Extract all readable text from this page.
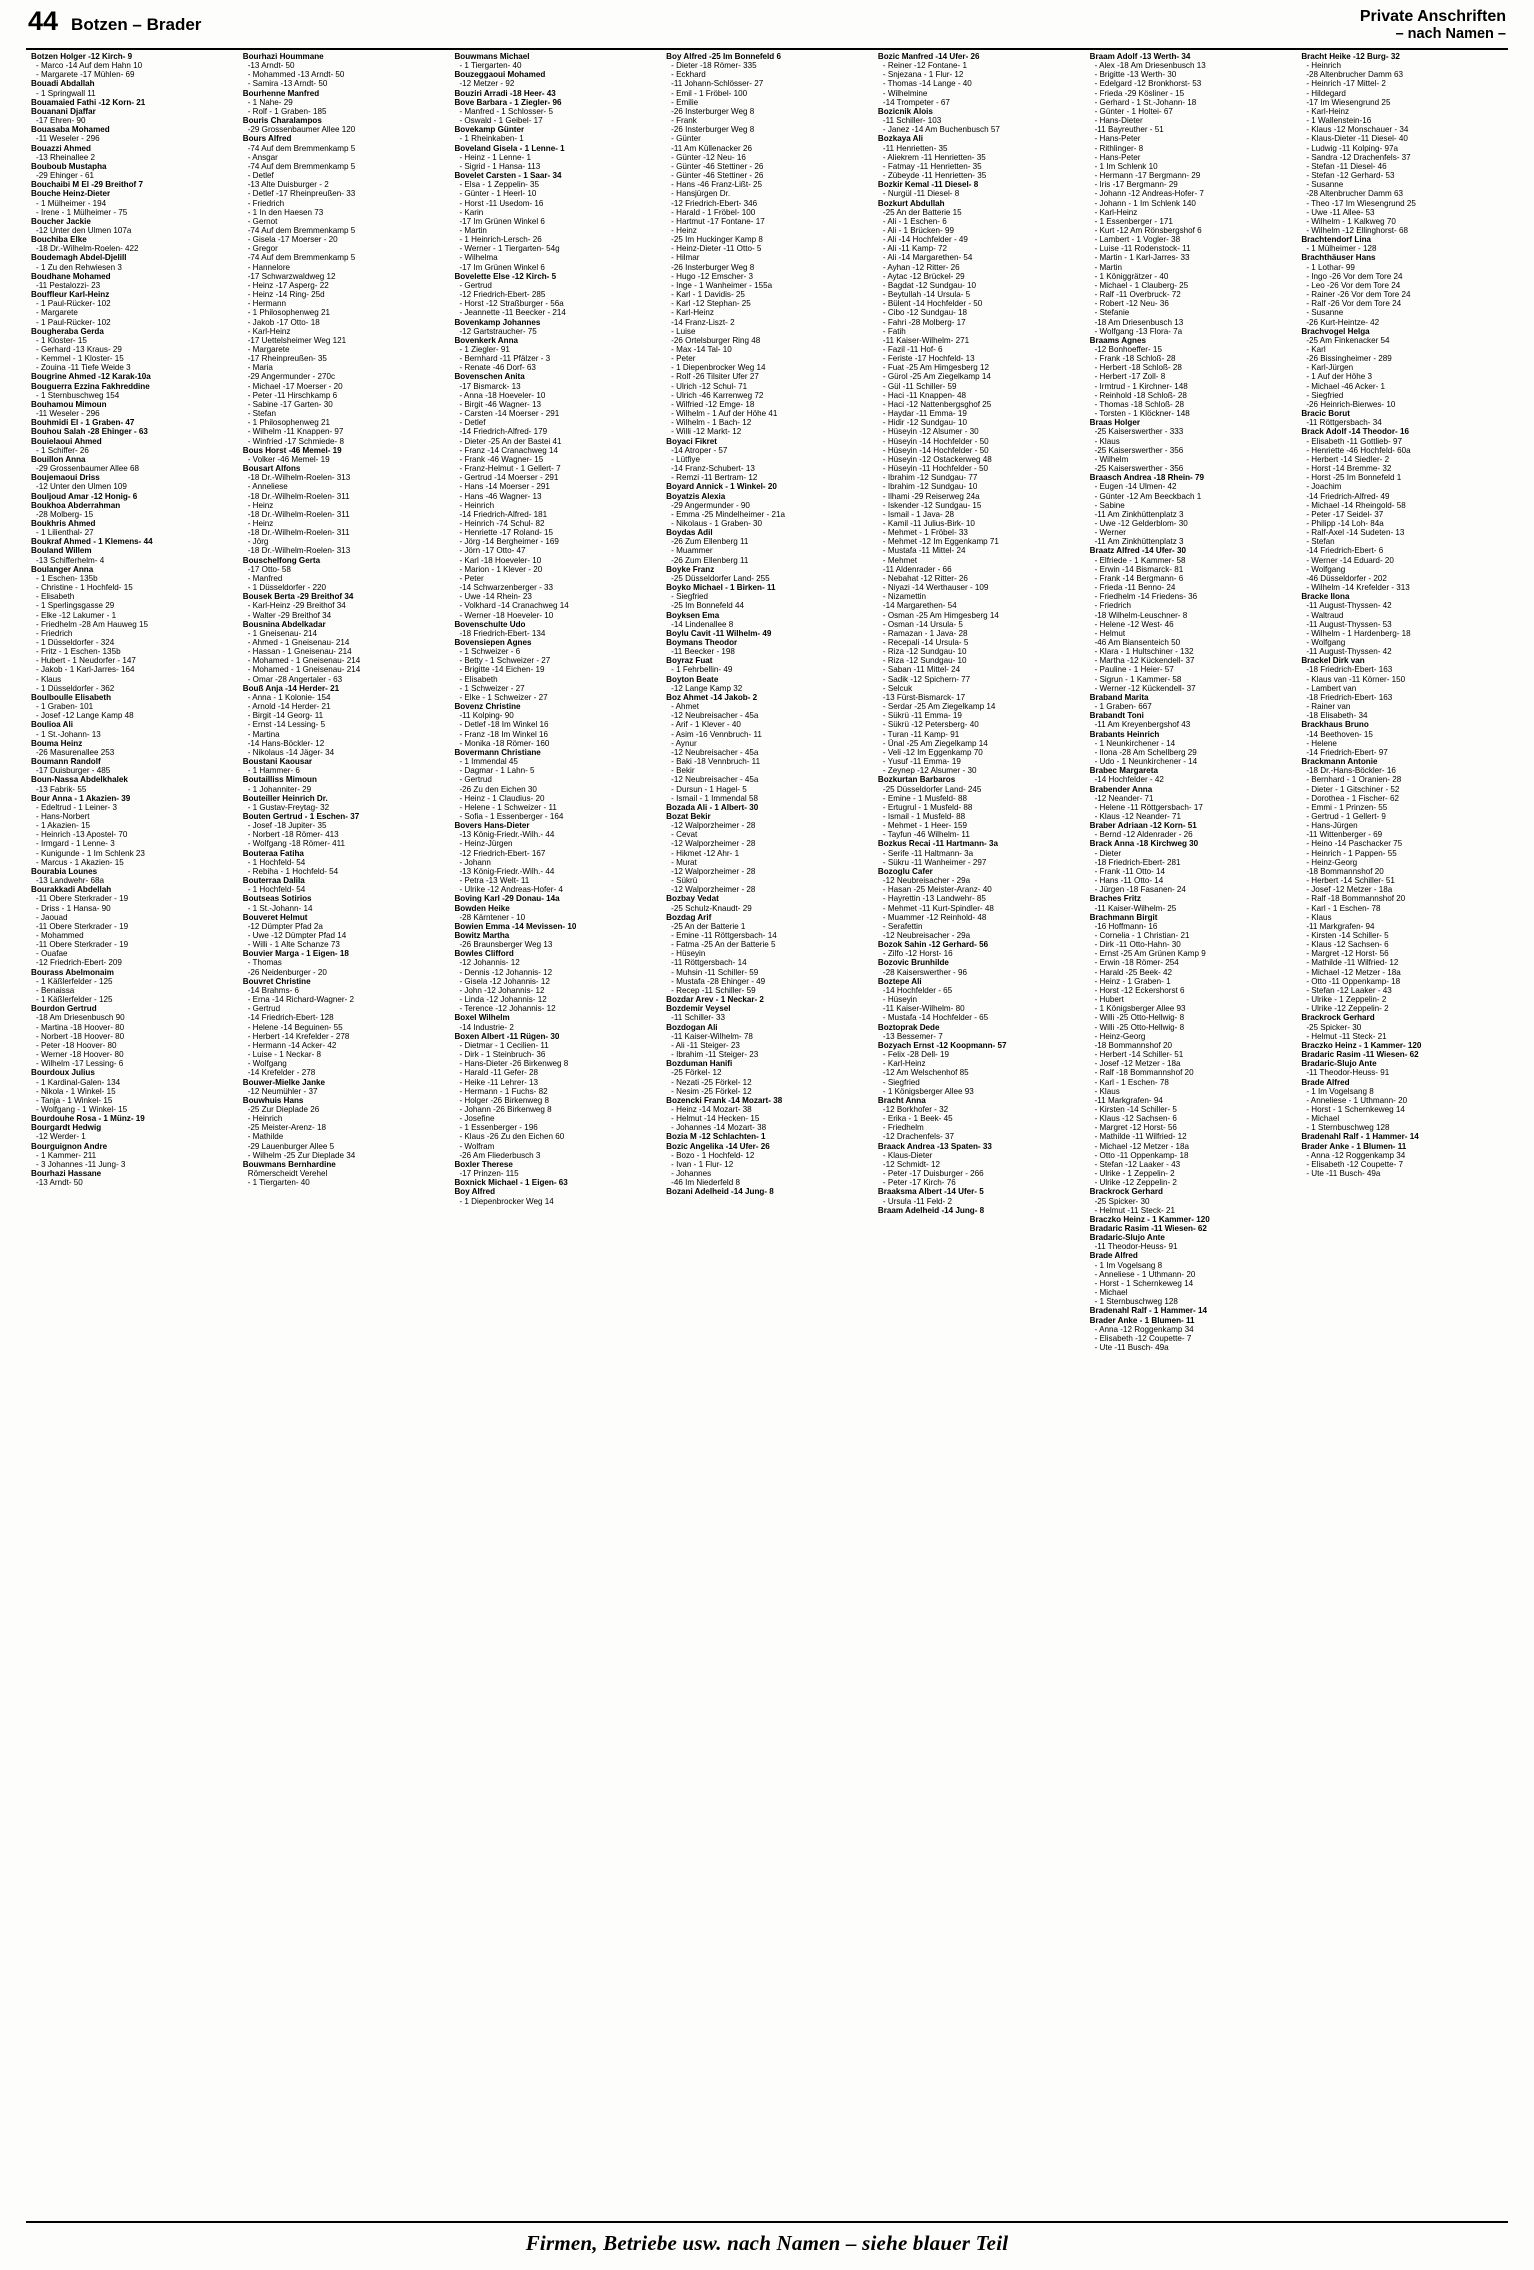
44 Botzen – Brader	Private Anschriften
– nach Namen –
Botzen Holger -12 Kirch- 9
- Marco -14 Auf dem Hahn 10
- Margarete -17 Mühlen- 69
Bouadi Abdallah
- 1 Springwall 11
Bouamaied Fathi -12 Korn- 21
Bouanani Djaffar
-17 Ehren- 90
Bouasaba Mohamed
-11 Weseler - 296
Bouazzi Ahmed
-13 Rheinallee 2
Bouboub Mustapha
-29 Ehinger - 61
Bouchaibi M El -29 Breithof 7
Bouche Heinz-Dieter
- 1 Mülheimer - 194
- Irene - 1 Mülheimer - 75
Boucher Jackie
-12 Unter den Ulmen 107a
Bouchiba Elke
-18 Dr.-Wilhelm-Roelen- 422
Boudemagh Abdel-Djelill
- 1 Zu den Rehwiesen 3
Boudhane Mohamed
-11 Pestalozzi- 23
Bouffleur Karl-Heinz
- 1 Paul-Rücker- 102
- Margarete
- 1 Paul-Rücker- 102
Bougheraba Gerda
- 1 Kloster- 15
- Gerhard -13 Kraus- 29
- Kemmel - 1 Kloster- 15
- Zouina -11 Tiefe Weide 3
Bougrine Ahmed -12 Karak-10a
Bouguerra Ezzina Fakhreddine
- 1 Sternbuschweg 154
Bouhamou Mimoun
-11 Weseler - 296
Bouhmidi El - 1 Graben- 47
Bouhou Salah -28 Ehinger - 63
Bouielaoui Ahmed
- 1 Schiffer- 26
Bouillon Anna
-29 Grossenbaumer Allee 68
Boujemaoui Driss
-12 Unter den Ulmen 109
Bouljoud Amar -12 Honig- 6
Boukhoa Abderrahman
-28 Molberg- 15
Boukhris Ahmed
- 1 Lilienthal- 27
Boukraf Ahmed - 1 Klemens- 44
Bouland Willem
-13 Schifferhelm- 4
Boulanger Anna
- 1 Eschen- 135b
- Christine - 1 Hochfeld- 15
- Elisabeth
- 1 Sperlingsgasse 29
- Elke -12 Lakumer - 1
- Friedhelm -28 Am Hauweg 15
- Friedrich
- 1 Düsseldorfer - 324
- Fritz - 1 Eschen- 135b
- Hubert - 1 Neudorfer - 147
- Jakob - 1 Karl-Jarres- 164
- Klaus
- 1 Düsseldorfer - 362
Boulboulle Elisabeth
- 1 Graben- 101
- Josef -12 Lange Kamp 48
Boulioa Ali
- 1 St.-Johann- 13
Bouma Heinz
-26 Masurenallee 253
Boumann Randolf
-17 Duisburger - 485
Boun-Nassa Abdelkhalek
-13 Fabrik- 55
Bour Anna - 1 Akazien- 39
- Edeltrud - 1 Leiner- 3
- Hans-Norbert
- 1 Akazien- 15
- Heinrich -13 Apostel- 70
- Irmgard - 1 Lenne- 3
- Kunigunde - 1 Im Schlenk 23
- Marcus - 1 Akazien- 15
Bourabia Lounes
-13 Landwehr- 68a
Bourakkadi Abdellah
-11 Obere Sterkrader - 19
- Driss - 1 Hansa- 90
- Jaouad
-11 Obere Sterkrader - 19
- Mohammed
-11 Obere Sterkrader - 19
- Ouafae
-12 Friedrich-Ebert- 209
Bourass Abelmonaim
- 1 Käßlerfelder - 125
- Benaissa
- 1 Käßlerfelder - 125
Bourdon Gertrud
-18 Am Driesenbusch 90
- Martina -18 Hoover- 80
- Norbert -18 Hoover- 80
- Peter -18 Hoover- 80
- Werner -18 Hoover- 80
- Wilhelm -17 Lessing- 6
Bourdoux Julius
- 1 Kardinal-Galen- 134
- Nikola - 1 Winkel- 15
- Tanja - 1 Winkel- 15
- Wolfgang - 1 Winkel- 15
Bourdouhe Rosa - 1 Münz- 19
Bourgardt Hedwig
-12 Werder- 1
Bourguignon Andre
- 1 Kammer- 211
- 3 Johannes -11 Jung- 3
Bourhazi Hassane
-13 Arndt- 50
Bourhazi Hoummane
-13 Arndt- 50
- Mohammed -13 Arndt- 50
- Samira -13 Arndt- 50
Bourhenne Manfred
- 1 Nahe- 29
- Rolf - 1 Graben- 185
Bouris Charalampos
-29 Grossenbaumer Allee 120
Bours Alfred
-74 Auf dem Bremmenkamp 5
- Ansgar
-74 Auf dem Bremmenkamp 5
- Detlef
-13 Alte Duisburger - 2
- Detlef -17 Rheinpreußen- 33
- Friedrich
- 1 In den Haesen 73
- Gernot
-74 Auf dem Bremmenkamp 5
- Gisela -17 Moerser - 20
- Gregor
-74 Auf dem Bremmenkamp 5
- Hannelore
-17 Schwarzwaldweg 12
- Heinz -17 Asperg- 22
- Heinz -14 Ring- 25d
- Hermann
- 1 Philosophenweg 21
- Jakob -17 Otto- 18
- Karl-Heinz
-17 Uettelsheimer Weg 121
- Margarete
-17 Rheinpreußen- 35
- Maria
-29 Angermunder - 270c
- Michael -17 Moerser - 20
- Peter -11 Hirschkamp 6
- Sabine -17 Garten- 30
- Stefan
- 1 Philosophenweg 21
- Wilhelm -11 Knappen- 97
- Winfried -17 Schmiede- 8
Bous Horst -46 Memel- 19
- Volker -46 Memel- 19
Bousart Alfons
-18 Dr.-Wilhelm-Roelen- 313
- Anneliese
-18 Dr.-Wilhelm-Roelen- 311
- Heinz
-18 Dr.-Wilhelm-Roelen- 311
- Heinz
-18 Dr.-Wilhelm-Roelen- 311
- Jörg
-18 Dr.-Wilhelm-Roelen- 313
Bouschelfong Gerta
-17 Otto- 58
- Manfred
- 1 Düsseldorfer - 220
Bousek Berta -29 Breithof 34
- Karl-Heinz -29 Breithof 34
- Walter -29 Breithof 34
Bousnina Abdelkadar
- 1 Gneisenau- 214
- Ahmed - 1 Gneisenau- 214
- Hassan - 1 Gneisenau- 214
- Mohamed - 1 Gneisenau- 214
- Mohamed - 1 Gneisenau- 214
- Omar -28 Angertaler - 63
Bouß Anja -14 Herder- 21
- Anna - 1 Kolonie- 154
- Arnold -14 Herder- 21
- Birgit -14 Georg- 11
- Ernst -14 Lessing- 5
- Martina
-14 Hans-Böckler- 12
- Nikolaus -14 Jäger- 34
Boustani Kaousar
- 1 Hammer- 6
Boutailliss Mimoun
- 1 Johanniter- 29
Bouteiller Heinrich Dr.
- 1 Gustav-Freytag- 32
Bouten Gertrud - 1 Eschen- 37
- Josef -18 Jupiter- 35
- Norbert -18 Römer- 413
- Wolfgang -18 Römer- 411
Bouteraa Fatiha
- 1 Hochfeld- 54
- Rebiha - 1 Hochfeld- 54
Bouterraa Dalila
- 1 Hochfeld- 54
Boutseas Sotirios
- 1 St.-Johann- 14
Bouveret Helmut
-12 Dümpter Pfad 2a
- Uwe -12 Dümpter Pfad 14
- Willi - 1 Alte Schanze 73
Bouvier Marga - 1 Eigen- 18
- Thomas
-26 Neidenburger - 20
Bouvret Christine
-14 Brahms- 6
- Erna -14 Richard-Wagner- 2
- Gertrud
-14 Friedrich-Ebert- 128
- Helene -14 Beguinen- 55
- Herbert -14 Krefelder - 278
- Hermann -14 Acker- 42
- Luise - 1 Neckar- 8
- Wolfgang
-14 Krefelder - 278
Bouwer-Mielke Janke
-12 Neumühler - 37
Bouwhuis Hans
-25 Zur Dieplade 26
- Heinrich
-25 Meister-Arenz- 18
- Mathilde
-29 Lauenburger Allee 5
- Wilhelm -25 Zur Dieplade 34
Bouwmans Bernhardine
Römerscheidt Verehel
- 1 Tiergarten- 40
Bouwmans Michael
- 1 Tiergarten- 40
Bouzeggaoui Mohamed
-12 Metzer - 92
Bouziri Arradi -18 Heer- 43
Bove Barbara - 1 Ziegler- 96
- Manfred - 1 Schlosser- 5
- Oswald - 1 Geibel- 17
Bovekamp Günter
- 1 Rheinkaben- 1
Boveland Gisela - 1 Lenne- 1
- Heinz - 1 Lenne- 1
- Sigrid - 1 Hansa- 113
Bovelet Carsten - 1 Saar- 34
- Elsa - 1 Zeppelin- 35
- Günter - 1 Heerl- 10
- Horst -11 Usedom- 16
- Karin
-17 Im Grünen Winkel 6
- Martin
- 1 Heinrich-Lersch- 26
- Werner - 1 Tiergarten- 54g
- Wilhelma
-17 Im Grünen Winkel 6
Bovelette Else -12 Kirch- 5
- Gertrud
-12 Friedrich-Ebert- 285
- Horst -12 Straßburger - 56a
- Jeannette -11 Beecker - 214
Bovenkamp Johannes
-12 Gartstraucher- 75
Bovenkerk Anna
- 1 Ziegler- 91
- Bernhard -11 Pfälzer - 3
- Renate -46 Dorf- 63
Bovenschen Anita
-17 Bismarck- 13
- Anna -18 Hoeveler- 10
- Birgit -46 Wagner- 13
- Carsten -14 Moerser - 291
- Detlef
-14 Friedrich-Alfred- 179
- Dieter -25 An der Bastei 41
- Franz -14 Cranachweg 14
- Frank -46 Wagner- 15
- Franz-Helmut - 1 Gellert- 7
- Gertrud -14 Moerser - 291
- Hans -14 Moerser - 291
- Hans -46 Wagner- 13
- Heinrich
-14 Friedrich-Alfred- 181
- Heinrich -74 Schul- 82
- Henriette -17 Roland- 15
- Jörg -14 Bergheimer - 169
- Jörn -17 Otto- 47
- Karl -18 Hoeveler- 10
- Marion - 1 Klever - 20
- Peter
-14 Schwarzenberger - 33
- Uwe -14 Rhein- 23
- Volkhard -14 Cranachweg 14
- Werner -18 Hoeveler- 10
Bovenschulte Udo
-18 Friedrich-Ebert- 134
Bovensiepen Agnes
- 1 Schweizer - 6
- Betty - 1 Schweizer - 27
- Brigitte -14 Eichen- 19
- Elisabeth
- 1 Schweizer - 27
- Elke - 1 Schweizer - 27
Bovenz Christine
-11 Kolping- 90
- Detlef -18 Im Winkel 16
- Franz -18 Im Winkel 16
- Monika -18 Römer- 160
Bovermann Christiane
- 1 Immendal 45
- Dagmar - 1 Lahn- 5
- Gertrud
-26 Zu den Eichen 30
- Heinz - 1 Claudius- 20
- Helene - 1 Schweizer - 11
- Sofia - 1 Essenberger - 164
Bovers Hans-Dieter
-13 König-Friedr.-Wilh.- 44
- Heinz-Jürgen
-12 Friedrich-Ebert- 167
- Johann
-13 König-Friedr.-Wilh.- 44
- Petra -13 Welt- 11
- Ulrike -12 Andreas-Hofer- 4
Boving Karl -29 Donau- 14a
Bowden Heike
-28 Kärntener - 10
Bowien Emma -14 Mevissen- 10
Bowitz Martha
-26 Braunsberger Weg 13
Bowles Clifford
-12 Johannis- 12
- Dennis -12 Johannis- 12
- Gisela -12 Johannis- 12
- John -12 Johannis- 12
- Linda -12 Johannis- 12
- Terence -12 Johannis- 12
Boxel Wilhelm
-14 Industrie- 2
Boxen Albert -11 Rügen- 30
- Dietmar - 1 Cecilien- 11
- Dirk - 1 Steinbruch- 36
- Hans-Dieter -26 Birkenweg 8
- Harald -11 Gefer- 28
- Heike -11 Lehrer- 13
- Hermann - 1 Fuchs- 82
- Holger -26 Birkenweg 8
- Johann -26 Birkenweg 8
- Josefine
- 1 Essenberger - 196
- Klaus -26 Zu den Eichen 60
- Wolfram
-26 Am Fliederbusch 3
Boxler Therese
-17 Prinzen- 115
Boxnick Michael - 1 Eigen- 63
Boy Alfred
- 1 Diepenbrocker Weg 14
Boy Alfred -25 Im Bonnefeld 6
- Dieter -18 Römer- 335
- Eckhard
-11 Johann-Schlösser- 27
- Emil - 1 Fröbel- 100
- Emilie
-26 Insterburger Weg 8
- Frank
-26 Insterburger Weg 8
- Günter
-11 Am Küllenacker 26
- Günter -12 Neu- 16
- Günter -46 Stettiner - 26
- Günter -46 Stettiner - 26
- Hans -46 Franz-Lißt- 25
- Hansjürgen Dr.
-12 Friedrich-Ebert- 346
- Harald - 1 Fröbel- 100
- Hartmut -17 Fontane- 17
- Heinz
-25 Im Huckinger Kamp 8
- Heinz-Dieter -11 Otto- 5
- Hilmar
-26 Insterburger Weg 8
- Hugo -12 Emscher- 3
- Inge - 1 Wanheimer - 155a
- Karl - 1 Davidis- 25
- Karl -12 Stephan- 25
- Karl-Heinz
-14 Franz-Liszt- 2
- Luise
-26 Ortelsburger Ring 48
- Max -14 Tal- 10
- Peter
- 1 Diepenbrocker Weg 14
- Rolf -26 Tilsiter Ufer 27
- Ulrich -12 Schul- 71
- Ulrich -46 Karrenweg 72
- Wilfried -12 Emge- 18
- Wilhelm - 1 Auf der Höhe 41
- Wilhelm - 1 Bach- 12
- Willi -12 Markt- 12
Boyaci Fikret
-14 Atroper - 57
- Lütfiye
-14 Franz-Schubert- 13
- Remzi -11 Bertram- 12
Boyard Annick - 1 Winkel- 20
Boyatzis Alexia
-29 Angermunder - 90
- Emma -25 Mindelheimer - 21a
- Nikolaus - 1 Graben- 30
Boydas Adil
-26 Zum Ellenberg 11
- Muammer
-26 Zum Ellenberg 11
Boyke Franz
-25 Düsseldorfer Land- 255
Boyko Michael - 1 Birken- 11
- Siegfried
-25 Im Bonnefeld 44
Boyksen Ema
-14 Lindenallee 8
Boylu Cavit -11 Wilhelm- 49
Boymans Theodor
-11 Beecker - 198
Boyraz Fuat
- 1 Fehrbellin- 49
Boyton Beate
-12 Lange Kamp 32
Boz Ahmet -14 Jakob- 2
- Ahmet
-12 Neubreisacher - 45a
- Arif - 1 Klever - 40
- Asim -16 Vennbruch- 11
- Aynur
-12 Neubreisacher - 45a
- Baki -18 Vennbruch- 11
- Bekir
-12 Neubreisacher - 45a
- Dursun - 1 Hagel- 5
- Ismail - 1 Immendal 58
Bozada Ali - 1 Albert- 30
Bozat Bekir
-12 Walporzheimer - 28
- Cevat
-12 Walporzheimer - 28
- Hikmet -12 Ahr- 1
- Murat
-12 Walporzheimer - 28
- Sükrü
-12 Walporzheimer - 28
Bozbay Vedat
-25 Schulz-Knaudt- 29
Bozdag Arif
-25 An der Batterie 1
- Emine -11 Röttgersbach- 14
- Fatma -25 An der Batterie 5
- Hüseyin
-11 Röttgersbach- 14
- Muhsin -11 Schiller- 59
- Mustafa -28 Ehinger - 49
- Recep -11 Schiller- 59
Bozdar Arev - 1 Neckar- 2
Bozdemir Veysel
-11 Schiller- 33
Bozdogan Ali
-11 Kaiser-Wilhelm- 78
- Ali -11 Steiger- 23
- Ibrahim -11 Steiger- 23
Bozduman Hanifi
-25 Förkel- 12
- Nezati -25 Förkel- 12
- Nesim -25 Förkel- 12
Bozencki Frank -14 Mozart- 38
- Heinz -14 Mozart- 38
- Helmut -14 Hecken- 15
- Johannes -14 Mozart- 38
Bozia M -12 Schlachten- 1
Bozic Angelika -14 Ufer- 26
- Bozo - 1 Hochfeld- 12
- Ivan - 1 Flur- 12
- Johannes
-46 Im Niederfeld 8
Bozani Adelheid -14 Jung- 8
Bozic Manfred -14 Ufer- 26
- Reiner -12 Fontane- 1
- Snjezana - 1 Flur- 12
- Thomas -14 Lange - 40
- Wilhelmine
-14 Trompeter - 67
Bozicnik Alois
-11 Schiller- 103
- Janez -14 Am Buchenbusch 57
Bozkaya Ali
-11 Henrietten- 35
- Aliekrem -11 Henrietten- 35
- Fatmay -11 Henrietten- 35
- Zübeyde -11 Henrietten- 35
Bozkir Kemal -11 Diesel- 8
- Nurgül -11 Diesel- 8
Bozkurt Abdullah
-25 An der Batterie 15
- Ali - 1 Eschen- 6
- Ali - 1 Brücken- 99
- Ali -14 Hochfelder - 49
- Ali -11 Kamp- 72
- Ali -14 Margarethen- 54
- Ayhan -12 Ritter- 26
- Aytac -12 Brückel- 29
- Bagdat -12 Sundgau- 10
- Beytullah -14 Ursula- 5
- Bülent -14 Hochfelder - 50
- Cibo -12 Sundgau- 18
- Fahri -28 Molberg- 17
- Fatih
-11 Kaiser-Wilhelm- 271
- Fazil -11 Hof- 6
- Feriste -17 Hochfeld- 13
- Fuat -25 Am Himgesberg 12
- Gürol -25 Am Ziegelkamp 14
- Gül -11 Schiller- 59
- Haci -11 Knappen- 48
- Haci -12 Nattenbergsghof 25
- Haydar -11 Emma- 19
- Hidir -12 Sundgau- 10
- Hüseyin -12 Alsumer - 30
- Hüseyin -14 Hochfelder - 50
- Hüseyin -14 Hochfelder - 50
- Hüseyin -12 Ostackerweg 48
- Hüseyin -11 Hochfelder - 50
- Ibrahim -12 Sundgau- 77
- Ibrahim -12 Sundgau- 10
- Ilhami -29 Reiserweg 24a
- Iskender -12 Sundgau- 15
- Ismail - 1 Java- 28
- Kamil -11 Julius-Birk- 10
- Mehmet - 1 Fröbel- 33
- Mehmet -12 Im Eggenkamp 71
- Mustafa -11 Mittel- 24
- Mehmet
-11 Aldenrader - 66
- Nebahat -12 Ritter- 26
- Niyazi -14 Werthauser - 109
- Nizamettin
-14 Margarethen- 54
- Osman -25 Am Himgesberg 14
- Osman -14 Ursula- 5
- Ramazan - 1 Java- 28
- Recepali -14 Ursula- 5
- Riza -12 Sundgau- 10
- Riza -12 Sundgau- 10
- Saban -11 Mittel- 24
- Sadik -12 Spichern- 77
- Selcuk
-13 Fürst-Bismarck- 17
- Serdar -25 Am Ziegelkamp 14
- Sükrü -11 Emma- 19
- Sükrü -12 Petersberg- 40
- Turan -11 Kamp- 91
- Ünal -25 Am Ziegelkamp 14
- Veli -12 Im Eggenkamp 70
- Yusuf -11 Emma- 19
- Zeynep -12 Alsumer - 30
Bozkurtan Barbaros
-25 Düsseldorfer Land- 245
- Emine - 1 Musfeld- 88
- Ertugrul - 1 Musfeld- 88
- Ismail - 1 Musfeld- 88
- Mehmet - 1 Heer- 159
- Tayfun -46 Wilhelm- 11
Bozkus Recai -11 Hartmann- 3a
- Serife -11 Haltmann- 3a
- Sükru -11 Wanheimer - 297
Bozoglu Cafer
-12 Neubreisacher - 29a
- Hasan -25 Meister-Aranz- 40
- Hayrettin -13 Landwehr- 85
- Mehmet -11 Kurt-Spindler- 48
- Muammer -12 Reinhold- 48
- Serafettin
-12 Neubreisacher - 29a
Bozok Sahin -12 Gerhard- 56
- Zilfo -12 Horst- 16
Bozovic Brunhilde
-28 Kaiserswerther - 96
Boztepe Ali
-14 Hochfelder - 65
- Hüseyin
-11 Kaiser-Wilhelm- 80
- Mustafa -14 Hochfelder - 65
Boztoprak Dede
-13 Bessemer- 7
Bozyach Ernst -12 Koopmann- 57
- Felix -28 Dell- 19
- Karl-Heinz
-12 Am Welschenhof 85
- Siegfried
- 1 Königsberger Allee 93
Bracht Anna
-12 Borkhofer - 32
- Erika - 1 Beek- 45
- Friedhelm
-12 Drachenfels- 37
Braack Andrea -13 Spaten- 33
- Klaus-Dieter
-12 Schmidt- 12
- Peter -17 Duisburger - 266
- Peter -17 Kirch- 76
Braaksma Albert -14 Ufer- 5
- Ursula -11 Feld- 2
Braam Adelheid -14 Jung- 8
Braam Adolf -13 Werth- 34
- Alex -18 Am Driesenbusch 13
- Brigitte -13 Werth- 30
- Edelgard -12 Bronkhorst- 53
- Frieda -29 Kösliner - 15
- Gerhard - 1 St.-Johann- 18
- Günter - 1 Holtei- 67
- Hans-Dieter
-11 Bayreuther - 51
- Hans-Peter
- Rithlinger- 8
- Hans-Peter
- 1 Im Schlenk 10
- Hermann -17 Bergmann- 29
- Iris -17 Bergmann- 29
- Johann -12 Andreas-Hofer- 7
- Johann - 1 Im Schlenk 140
- Karl-Heinz
- 1 Essenberger - 171
- Kurt -12 Am Rönsbergshof 6
- Lambert - 1 Vogler- 38
- Luise -11 Rodenstock- 11
- Martin - 1 Karl-Jarres- 33
- Martin
- 1 Königgrätzer - 40
- Michael - 1 Clauberg- 25
- Ralf -11 Overbruck- 72
- Robert -12 Neu- 36
- Stefanie
-18 Am Driesenbusch 13
- Wolfgang -13 Flora- 7a
Braams Agnes
-12 Bonhoeffer- 15
- Frank -18 Schloß- 28
- Herbert -18 Schloß- 28
- Herbert -17 Zoll- 8
- Irmtrud - 1 Kirchner- 148
- Reinhold -18 Schloß- 28
- Thomas -18 Schloß- 28
- Torsten - 1 Klöckner- 148
Braas Holger
-25 Kaiserswerther - 333
- Klaus
-25 Kaiserswerther - 356
- Wilhelm
-25 Kaiserswerther - 356
Braasch Andrea -18 Rhein- 79
- Eugen -14 Ulmen- 42
- Günter -12 Am Beeckbach 1
- Sabine
-11 Am Zinkhüttenplatz 3
- Uwe -12 Gelderblom- 30
- Werner
-11 Am Zinkhüttenplatz 3
Braatz Alfred -14 Ufer- 30
- Elfriede - 1 Kammer- 58
- Erwin -14 Bismarck- 81
- Frank -14 Bergmann- 6
- Frieda -11 Benno- 24
- Friedhelm -14 Friedens- 36
- Friedrich
-18 Wilhelm-Leuschner- 8
- Helene -12 West- 46
- Helmut
-46 Am Biansenteich 50
- Klara - 1 Hultschiner - 132
- Martha -12 Kückendell- 37
- Pauline - 1 Heier- 57
- Sigrun - 1 Kammer- 58
- Werner -12 Kückendell- 37
Braband Marita
- 1 Graben- 667
Brabandt Toni
-11 Am Kreyenbergshof 43
Brabants Heinrich
- 1 Neunkirchener - 14
- Ilona -28 Am Schellberg 29
- Udo - 1 Neunkirchener - 14
Brabec Margareta
-14 Hochfelder - 42
Brabender Anna
-12 Neander- 71
- Helene -11 Röttgersbach- 17
- Klaus -12 Neander- 71
Braber Adriaan -12 Korn- 51
- Bernd -12 Aldenrader - 26
Brack Anna -18 Kirchweg 30
- Dieter
-18 Friedrich-Ebert- 281
- Frank -11 Otto- 14
- Hans -11 Otto- 14
- Jürgen -18 Fasanen- 24
Braches Fritz
-11 Kaiser-Wilhelm- 25
Brachmann Birgit
-16 Hoffmann- 16
- Cornelia - 1 Christian- 21
- Dirk -11 Otto-Hahn- 30
- Ernst -25 Am Grünen Kamp 9
- Erwin -18 Römer- 254
- Harald -25 Beek- 42
- Heinz - 1 Graben- 1
- Horst -12 Eckershorst 6
- Hubert
- 1 Königsberger Allee 93
- Willi -25 Otto-Hellwig- 8
- Willi -25 Otto-Hellwig- 8
- Heinz-Georg
-18 Bommannshof 20
- Herbert -14 Schiller- 51
- Josef -12 Metzer - 18a
- Ralf -18 Bommannshof 20
- Karl - 1 Eschen- 78
- Klaus
-11 Markgrafen- 94
- Kirsten -14 Schiller- 5
- Klaus -12 Sachsen- 6
- Margret -12 Horst- 56
- Mathilde -11 Wilfried- 12
- Michael -12 Metzer - 18a
- Otto -11 Oppenkamp- 18
- Stefan -12 Laaker - 43
- Ulrike - 1 Zeppelin- 2
- Ulrike -12 Zeppelin- 2
Brackrock Gerhard
-25 Spicker- 30
- Helmut -11 Steck- 21
Braczko Heinz - 1 Kammer- 120
Bradaric Rasim -11 Wiesen- 62
Bradaric-Slujo Ante
-11 Theodor-Heuss- 91
Brade Alfred
- 1 Im Vogelsang 8
- Anneliese - 1 Uthmann- 20
- Horst - 1 Schernkeweg 14
- Michael
- 1 Sternbuschweg 128
Bradenahl Ralf - 1 Hammer- 14
Brader Anke - 1 Blumen- 11
- Anna -12 Roggenkamp 34
- Elisabeth -12 Coupette- 7
- Ute -11 Busch- 49a
Bracht Heike -12 Burg- 32
- Heinrich
-28 Altenbrucher Damm 63
- Heinrich -17 Mittel- 2
- Hildegard
-17 Im Wiesengrund 25
- Karl-Heinz
- 1 Wallenstein-16
- Klaus -12 Monschauer - 34
- Klaus-Dieter -11 Diesel- 40
- Ludwig -11 Kolping- 97a
- Sandra -12 Drachenfels- 37
- Stefan -11 Diesel- 46
- Stefan -12 Gerhard- 53
- Susanne
-28 Altenbrucher Damm 63
- Theo -17 Im Wiesengrund 25
- Uwe -11 Allee- 53
- Wilhelm - 1 Kalkweg 70
- Wilhelm -12 Ellinghorst- 68
Brachtendorf Lina
- 1 Mülheimer - 128
Brachthäuser Hans
- 1 Lothar- 99
- Ingo -26 Vor dem Tore 24
- Leo -26 Vor dem Tore 24
- Rainer -26 Vor dem Tore 24
- Ralf -26 Vor dem Tore 24
- Susanne
-26 Kurt-Heintze- 42
Brachvogel Helga
-25 Am Finkenacker 54
- Karl
-26 Bissingheimer - 289
- Karl-Jürgen
- 1 Auf der Höhe 3
- Michael -46 Acker- 1
- Siegfried
-26 Heinrich-Bierwes- 10
Bracic Borut
-11 Röttgersbach- 34
Brack Adolf -14 Theodor- 16
- Elisabeth -11 Gottlieb- 97
- Henriette -46 Hochfeld- 60a
- Herbert -14 Siedler- 2
- Horst -14 Bremme- 32
- Horst -25 Im Bonnefeld 1
- Joachim
-14 Friedrich-Alfred- 49
- Michael -14 Rheingold- 58
- Peter -17 Seidel- 37
- Philipp -14 Loh- 84a
- Ralf-Axel -14 Sudeten- 13
- Stefan
-14 Friedrich-Ebert- 6
- Werner -14 Eduard- 20
- Wolfgang
-46 Düsseldorfer - 202
- Wilhelm -14 Krefelder - 313
Bracke Ilona
-11 August-Thyssen- 42
- Waltraud
-11 August-Thyssen- 53
- Wilhelm - 1 Hardenberg- 18
- Wolfgang
-11 August-Thyssen- 42
Brackel Dirk van
-18 Friedrich-Ebert- 163
- Klaus van -11 Körner- 150
- Lambert van
-18 Friedrich-Ebert- 163
- Rainer van
-18 Elisabeth- 34
Brackhaus Bruno
-14 Beethoven- 15
- Helene
-14 Friedrich-Ebert- 97
Brackmann Antonie
-18 Dr.-Hans-Böckler- 16
- Bernhard - 1 Oranien- 28
- Dieter - 1 Gitschiner - 52
- Dorothea - 1 Fischer- 62
- Emmi - 1 Prinzen- 55
- Gertrud - 1 Gellert- 9
- Hans-Jürgen
-11 Wittenberger - 69
- Heino -14 Paschacker 75
- Heinrich - 1 Pappen- 55
- Heinz-Georg
-18 Bommannshof 20
- Herbert -14 Schiller- 51
- Josef -12 Metzer - 18a
- Ralf -18 Bommannshof 20
- Karl - 1 Eschen- 78
- Klaus
-11 Markgrafen- 94
- Kirsten -14 Schiller- 5
- Klaus -12 Sachsen- 6
- Margret -12 Horst- 56
- Mathilde -11 Wilfried- 12
- Michael -12 Metzer - 18a
- Otto -11 Oppenkamp- 18
- Stefan -12 Laaker - 43
- Ulrike - 1 Zeppelin- 2
- Ulrike -12 Zeppelin- 2
Brackrock Gerhard
-25 Spicker- 30
- Helmut -11 Steck- 21
Braczko Heinz - 1 Kammer- 120
Bradaric Rasim -11 Wiesen- 62
Bradaric-Slujo Ante
-11 Theodor-Heuss- 91
Brade Alfred
- 1 Im Vogelsang 8
- Anneliese - 1 Uthmann- 20
- Horst - 1 Schernkeweg 14
- Michael
- 1 Sternbuschweg 128
Bradenahl Ralf - 1 Hammer- 14
Brader Anke - 1 Blumen- 11
- Anna -12 Roggenkamp 34
- Elisabeth -12 Coupette- 7
- Ute -11 Busch- 49a
Firmen, Betriebe usw. nach Namen – siehe blauer Teil
